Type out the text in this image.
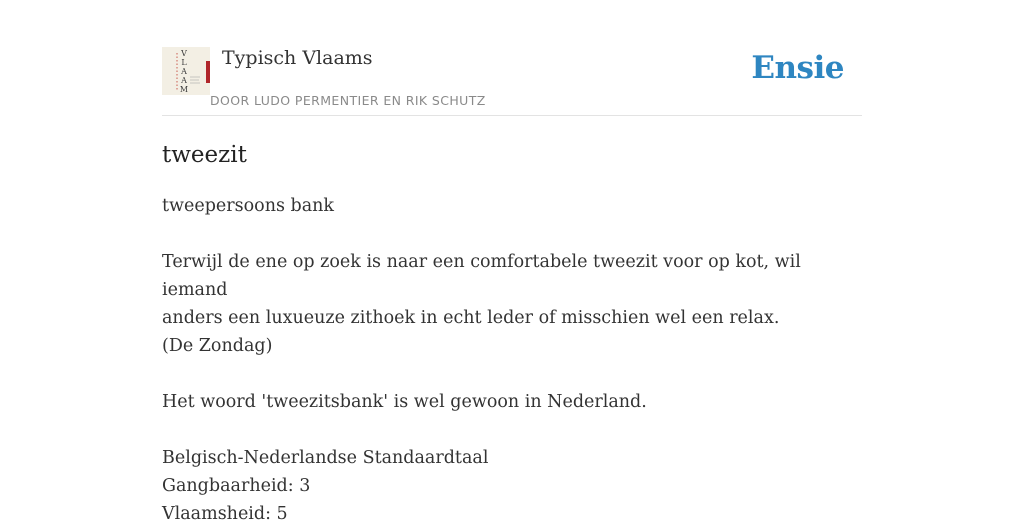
V
L
A
A
M
Typisch Vlaams
DOOR LUDO PERMENTIER EN RIK SCHUTZ
Ensie
tweezit

tweepersoons bank

Terwijl de ene op zoek is naar een comfortabele tweezit voor op kot, wil iemand

anders een luxueuze zithoek in echt leder of misschien wel een relax.

(De Zondag)

Het woord 'tweezitsbank' is wel gewoon in Nederland.

Belgisch-Nederlandse Standaardtaal

Gangbaarheid: 3

Vlaamsheid: 5
